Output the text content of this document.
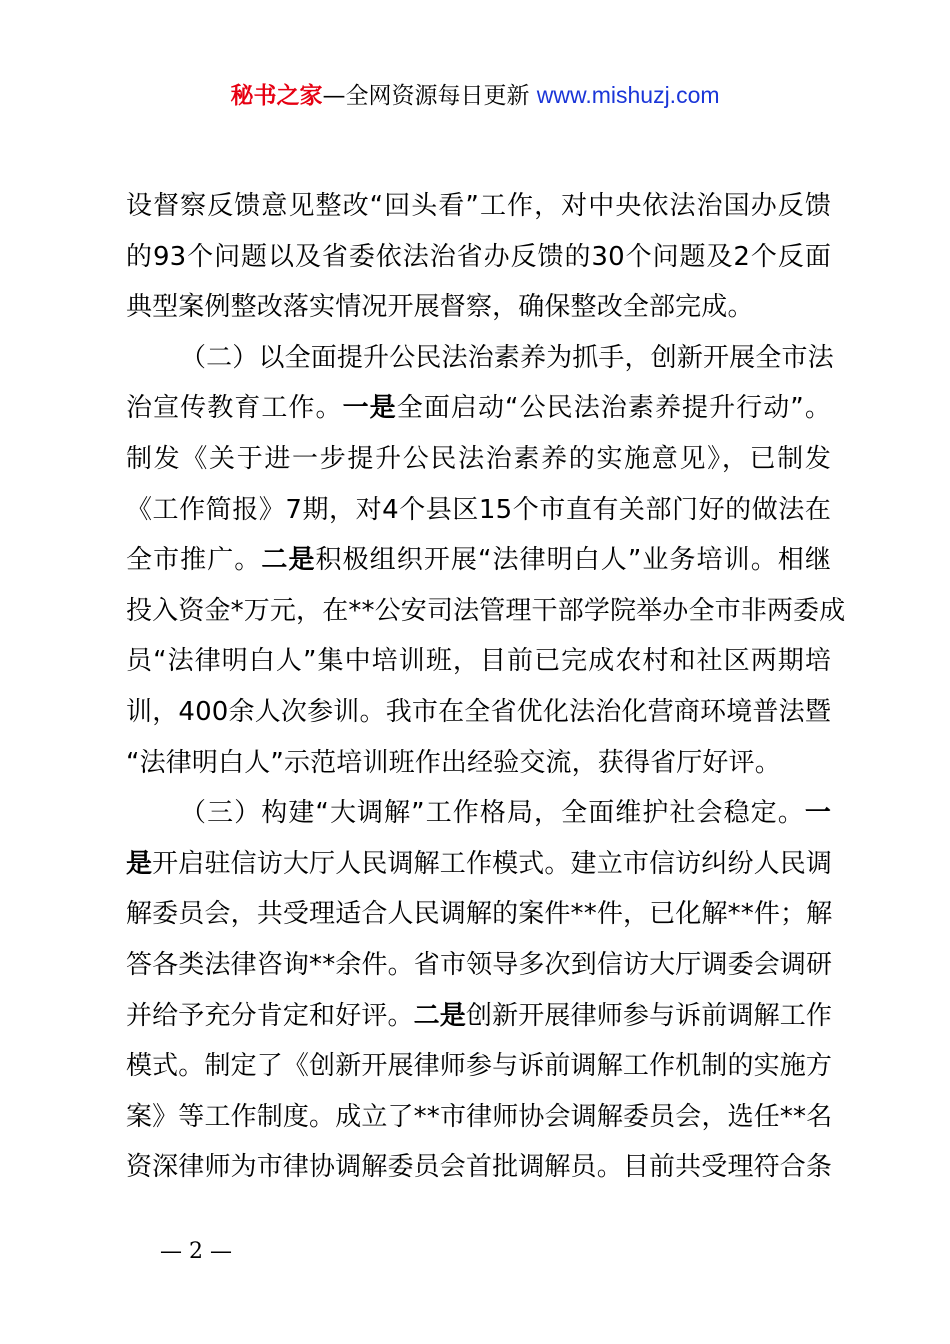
秘书之家—全网资源每日更新 www.mishuzj.com
设督察反馈意见整改“回头看”工作，对中央依法治国办反馈
的93个问题以及省委依法治省办反馈的30个问题及2个反面
典型案例整改落实情况开展督察，确保整改全部完成。
（二）以全面提升公民法治素养为抓手，创新开展全市法
治宣传教育工作。一是全面启动“公民法治素养提升行动”。
制发《关于进一步提升公民法治素养的实施意见》，已制发
《工作简报》7期，对4个县区15个市直有关部门好的做法在
全市推广。二是积极组织开展“法律明白人”业务培训。相继
投入资金*万元，在**公安司法管理干部学院举办全市非两委成
员“法律明白人”集中培训班，目前已完成农村和社区两期培
训，400余人次参训。我市在全省优化法治化营商环境普法暨
“法律明白人”示范培训班作出经验交流，获得省厅好评。
（三）构建“大调解”工作格局，全面维护社会稳定。一
是开启驻信访大厅人民调解工作模式。建立市信访纠纷人民调
解委员会，共受理适合人民调解的案件**件，已化解**件；解
答各类法律咨询**余件。省市领导多次到信访大厅调委会调研
并给予充分肯定和好评。二是创新开展律师参与诉前调解工作
模式。制定了《创新开展律师参与诉前调解工作机制的实施方
案》等工作制度。成立了**市律师协会调解委员会，选任**名
资深律师为市律协调解委员会首批调解员。目前共受理符合条
— 2 —
